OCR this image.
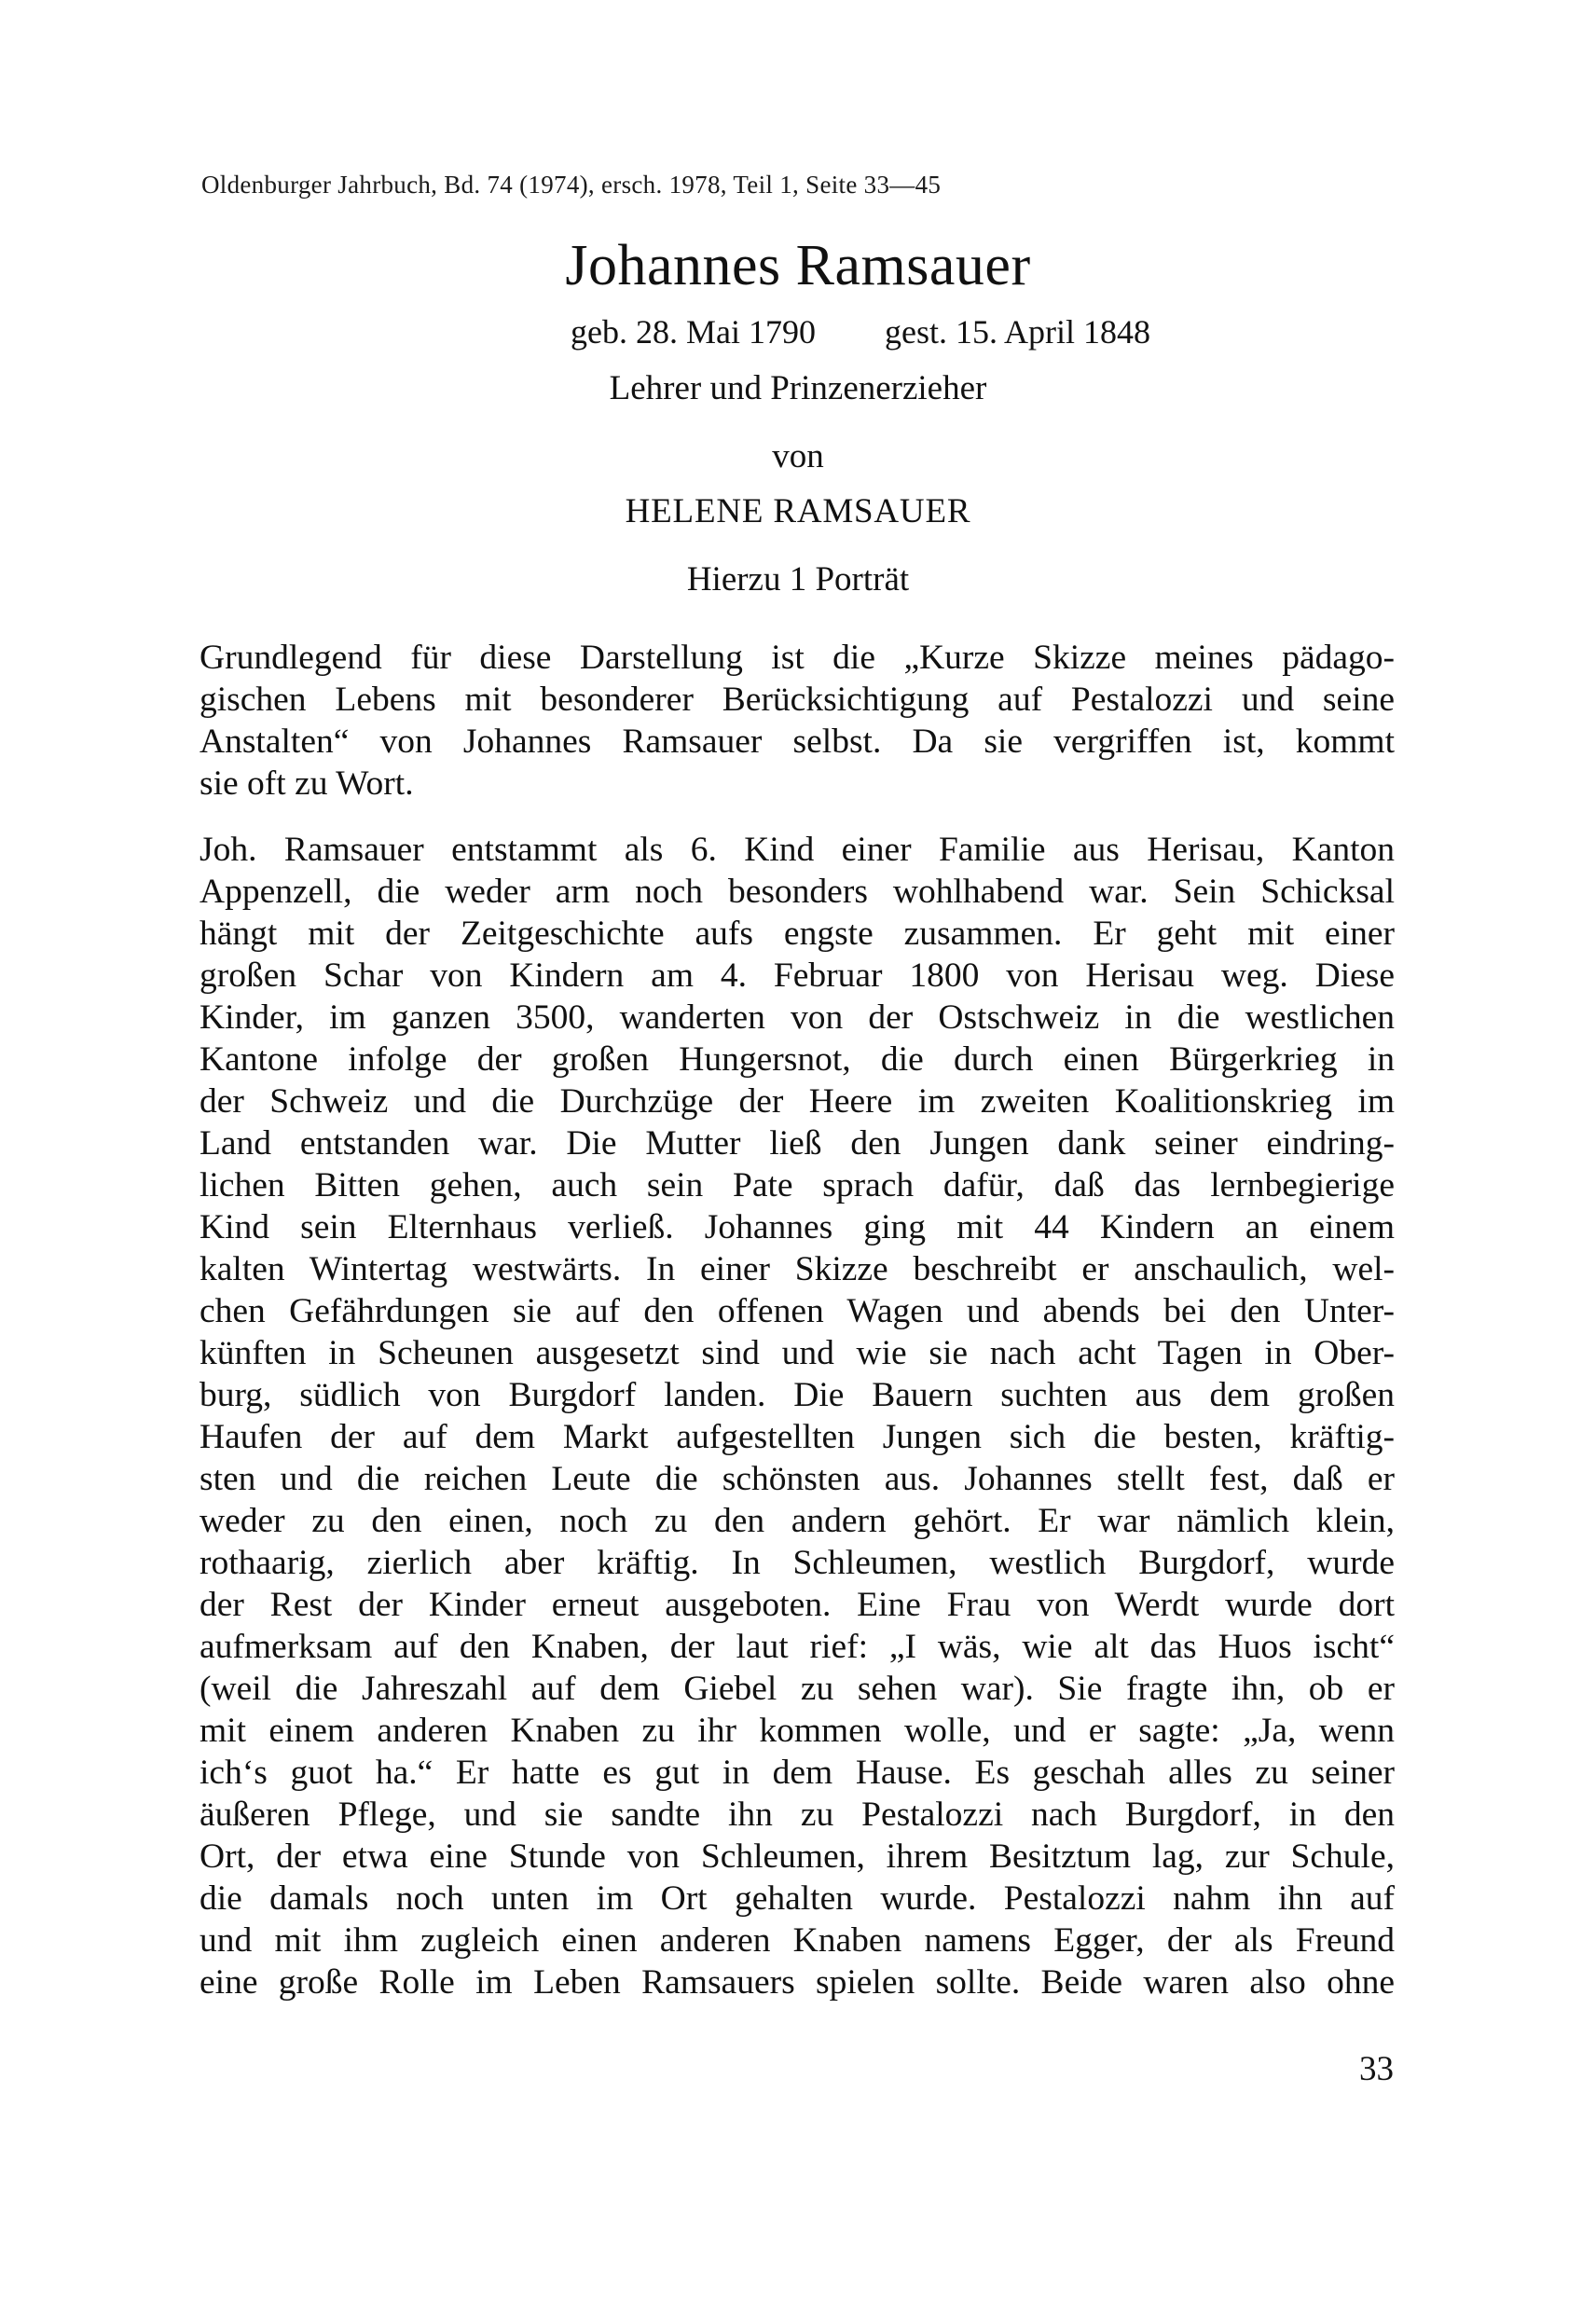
Oldenburger Jahrbuch, Bd. 74 (1974), ersch. 1978, Teil 1, Seite 33—45
Johannes Ramsauer
geb. 28. Mai 1790 gest. 15. April 1848
Lehrer und Prinzenerzieher
von
HELENE RAMSAUER
Hierzu 1 Porträt
Grundlegend für diese Darstellung ist die „Kurze Skizze meines pädago-
gischen Lebens mit besonderer Berücksichtigung auf Pestalozzi und seine
Anstalten“ von Johannes Ramsauer selbst. Da sie vergriffen ist, kommt
sie oft zu Wort.
Joh. Ramsauer entstammt als 6. Kind einer Familie aus Herisau, Kanton
Appenzell, die weder arm noch besonders wohlhabend war. Sein Schicksal
hängt mit der Zeitgeschichte aufs engste zusammen. Er geht mit einer
großen Schar von Kindern am 4. Februar 1800 von Herisau weg. Diese
Kinder, im ganzen 3500, wanderten von der Ostschweiz in die westlichen
Kantone infolge der großen Hungersnot, die durch einen Bürgerkrieg in
der Schweiz und die Durchzüge der Heere im zweiten Koalitionskrieg im
Land entstanden war. Die Mutter ließ den Jungen dank seiner eindring-
lichen Bitten gehen, auch sein Pate sprach dafür, daß das lernbegierige
Kind sein Elternhaus verließ. Johannes ging mit 44 Kindern an einem
kalten Wintertag westwärts. In einer Skizze beschreibt er anschaulich, wel-
chen Gefährdungen sie auf den offenen Wagen und abends bei den Unter-
künften in Scheunen ausgesetzt sind und wie sie nach acht Tagen in Ober-
burg, südlich von Burgdorf landen. Die Bauern suchten aus dem großen
Haufen der auf dem Markt aufgestellten Jungen sich die besten, kräftig-
sten und die reichen Leute die schönsten aus. Johannes stellt fest, daß er
weder zu den einen, noch zu den andern gehört. Er war nämlich klein,
rothaarig, zierlich aber kräftig. In Schleumen, westlich Burgdorf, wurde
der Rest der Kinder erneut ausgeboten. Eine Frau von Werdt wurde dort
aufmerksam auf den Knaben, der laut rief: „I wäs, wie alt das Huos ischt“
(weil die Jahreszahl auf dem Giebel zu sehen war). Sie fragte ihn, ob er
mit einem anderen Knaben zu ihr kommen wolle, und er sagte: „Ja, wenn
ich‘s guot ha.“ Er hatte es gut in dem Hause. Es geschah alles zu seiner
äußeren Pflege, und sie sandte ihn zu Pestalozzi nach Burgdorf, in den
Ort, der etwa eine Stunde von Schleumen, ihrem Besitztum lag, zur Schule,
die damals noch unten im Ort gehalten wurde. Pestalozzi nahm ihn auf
und mit ihm zugleich einen anderen Knaben namens Egger, der als Freund
eine große Rolle im Leben Ramsauers spielen sollte. Beide waren also ohne
33
